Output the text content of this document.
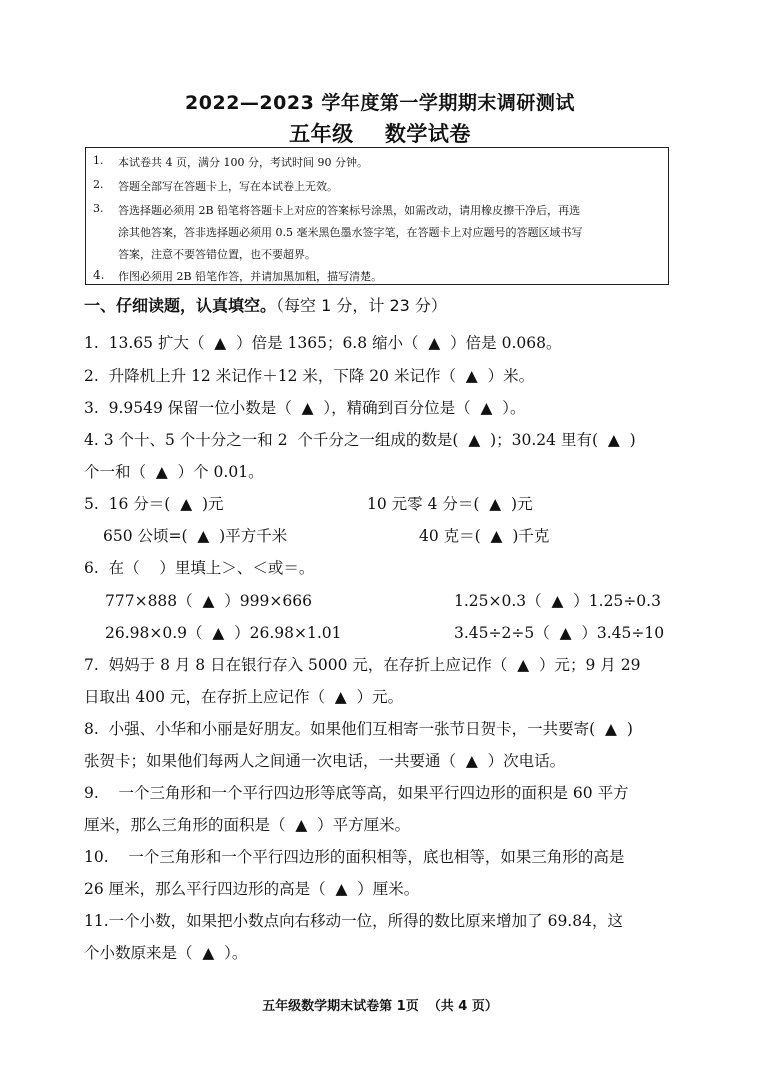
2022—2023 学年度第一学期期末调研测试
五年级    数学试卷
1. 本试卷共 4 页，满分 100 分，考试时间 90 分钟。
2. 答题全部写在答题卡上，写在本试卷上无效。
3. 答选择题必须用 2B 铅笔将答题卡上对应的答案标号涂黑，如需改动，请用橡皮擦干净后，再选
涂其他答案，答非选择题必须用 0.5 毫米黑色墨水签字笔，在答题卡上对应题号的答题区域书写
答案，注意不要答错位置，也不要超界。
4. 作图必须用 2B 铅笔作答，并请加黑加粗，描写清楚。
一、仔细读题，认真填空。（每空 1 分，计 23 分）
1.  13.65 扩大（  ▲  ）倍是 1365；6.8 缩小（  ▲  ）倍是 0.068。
2.  升降机上升 12 米记作＋12 米，下降 20 米记作（  ▲  ）米。
3.  9.9549 保留一位小数是（  ▲  ），精确到百分位是（  ▲  ）。
4. 3 个十、5 个十分之一和 2  个千分之一组成的数是(  ▲  )；30.24 里有(  ▲  )
个一和（  ▲  ）个 0.01。
5.  16 分＝(  ▲  )元	10 元零 4 分＝(  ▲  )元
650 公顷=(  ▲  )平方千米	40 克＝(  ▲  )千克
6.  在（    ）里填上＞、＜或＝。
777×888（  ▲  ）999×666	1.25×0.3（  ▲  ）1.25÷0.3
26.98×0.9（  ▲  ）26.98×1.01	3.45÷2÷5（  ▲  ）3.45÷10
7.  妈妈于 8 月 8 日在银行存入 5000 元，在存折上应记作（  ▲  ）元；9 月 29
日取出 400 元，在存折上应记作（  ▲  ）元。
8.  小强、小华和小丽是好朋友。如果他们互相寄一张节日贺卡，一共要寄(  ▲  )
张贺卡；如果他们每两人之间通一次电话，一共要通（  ▲  ）次电话。
9.    一个三角形和一个平行四边形等底等高，如果平行四边形的面积是 60 平方
厘米，那么三角形的面积是（  ▲  ）平方厘米。
10.    一个三角形和一个平行四边形的面积相等，底也相等，如果三角形的高是
26 厘米，那么平行四边形的高是（  ▲  ）厘米。
11.一个小数，如果把小数点向右移动一位，所得的数比原来增加了 69.84，这
个小数原来是（  ▲  ）。
五年级数学期末试卷第 1页  （共 4 页）
